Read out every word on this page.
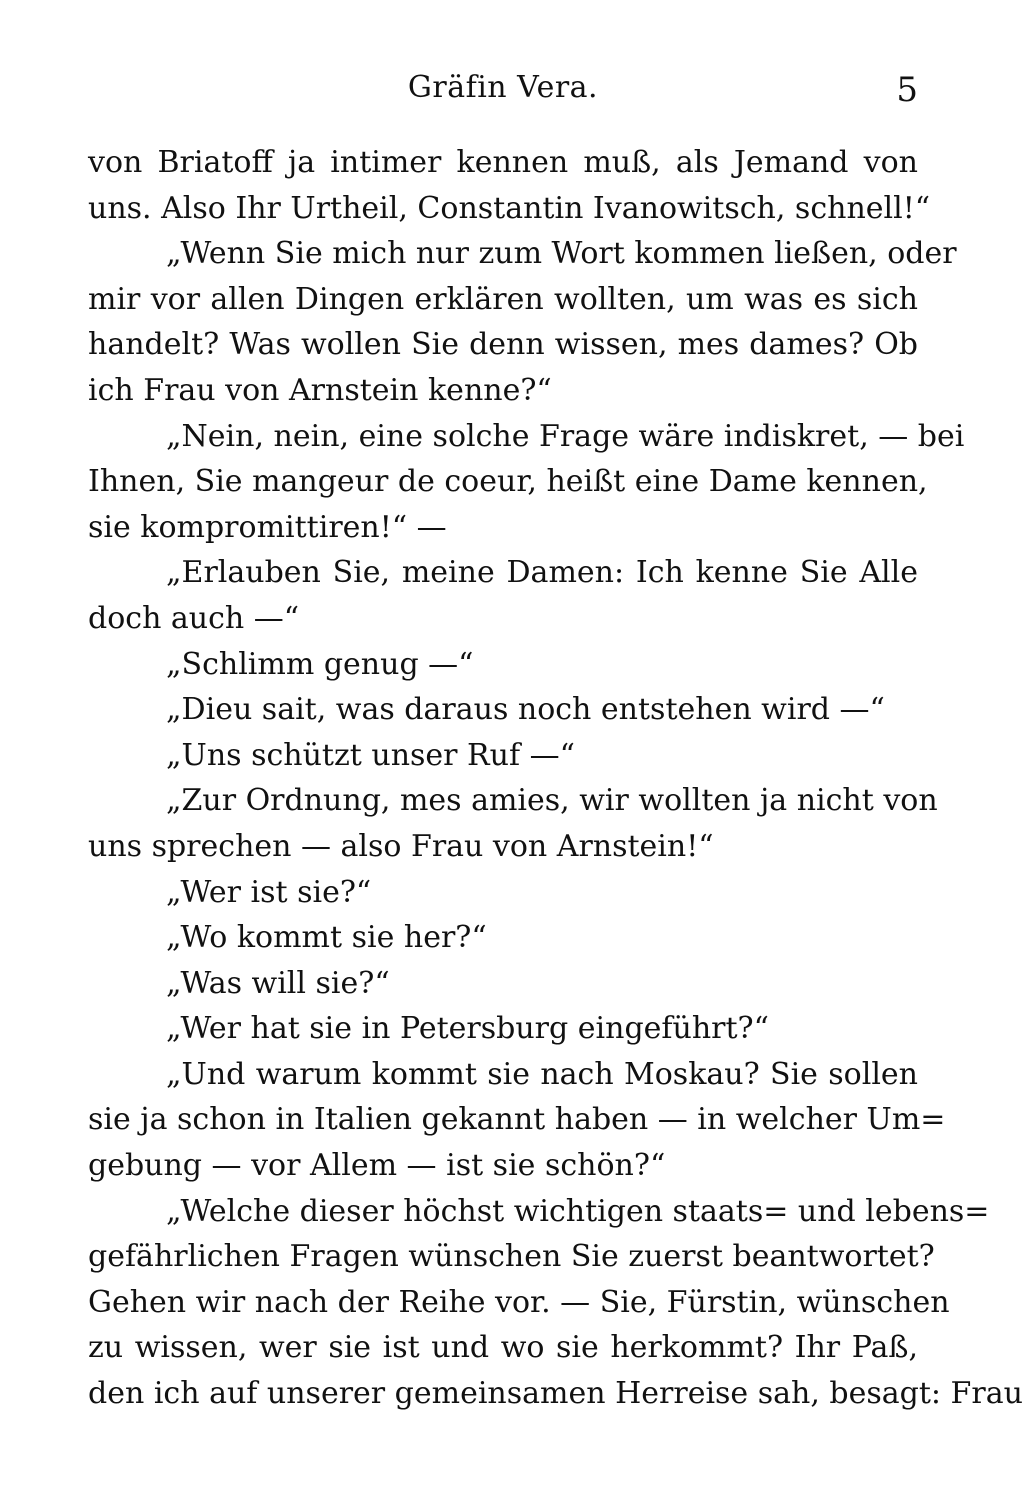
Gräfin Vera.	5
von Briatoff ja intimer kennen muß, als Jemand von
uns. Also Ihr Urtheil, Constantin Ivanowitsch, schnell!“
„Wenn Sie mich nur zum Wort kommen ließen, oder
mir vor allen Dingen erklären wollten, um was es sich
handelt? Was wollen Sie denn wissen, mes dames? Ob
ich Frau von Arnstein kenne?“
„Nein, nein, eine solche Frage wäre indiskret, — bei
Ihnen, Sie mangeur de coeur, heißt eine Dame kennen,
sie kompromittiren!“ —
„Erlauben Sie, meine Damen: Ich kenne Sie Alle
doch auch —“
„Schlimm genug —“
„Dieu sait, was daraus noch entstehen wird —“
„Uns schützt unser Ruf —“
„Zur Ordnung, mes amies, wir wollten ja nicht von
uns sprechen — also Frau von Arnstein!“
„Wer ist sie?“
„Wo kommt sie her?“
„Was will sie?“
„Wer hat sie in Petersburg eingeführt?“
„Und warum kommt sie nach Moskau? Sie sollen
sie ja schon in Italien gekannt haben — in welcher Um=
gebung — vor Allem — ist sie schön?“
„Welche dieser höchst wichtigen staats= und lebens=
gefährlichen Fragen wünschen Sie zuerst beantwortet?
Gehen wir nach der Reihe vor. — Sie, Fürstin, wünschen
zu wissen, wer sie ist und wo sie herkommt? Ihr Paß,
den ich auf unserer gemeinsamen Herreise sah, besagt: Frau
